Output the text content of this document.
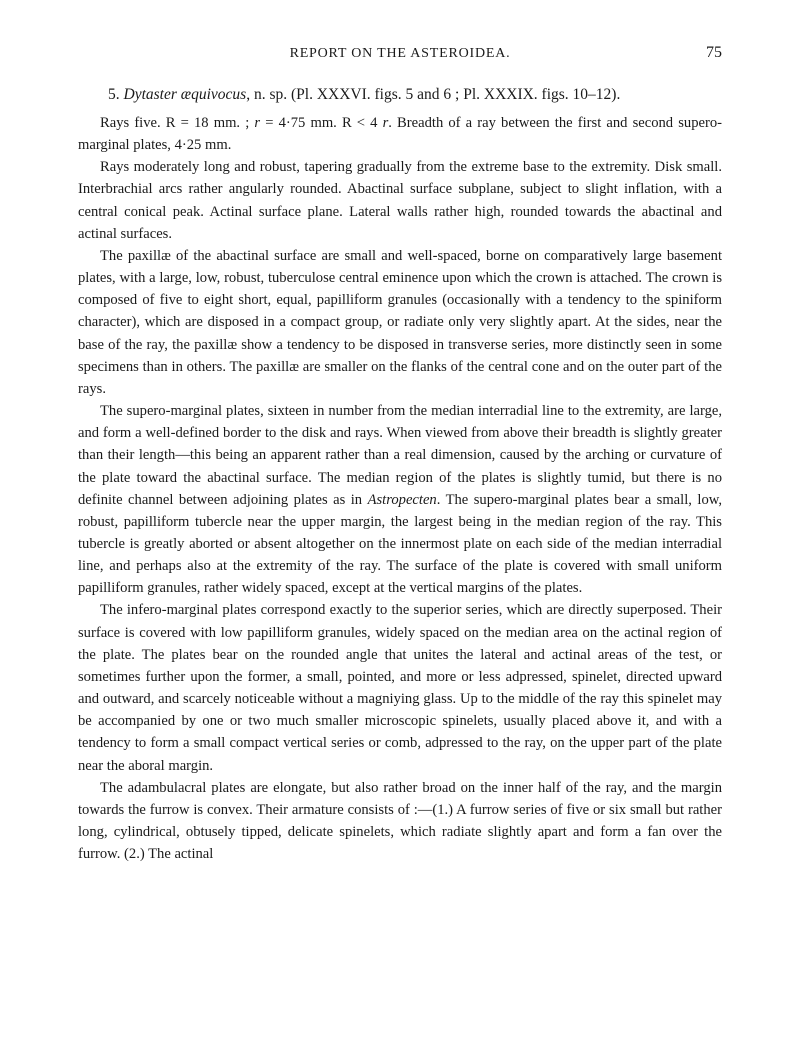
REPORT ON THE ASTEROIDEA.	75
5. Dytaster æquivocus, n. sp. (Pl. XXXVI. figs. 5 and 6 ; Pl. XXXIX. figs. 10–12).

Rays five. R = 18 mm. ; r = 4·75 mm. R < 4 r. Breadth of a ray between the first and second supero-marginal plates, 4·25 mm.

Rays moderately long and robust, tapering gradually from the extreme base to the extremity. Disk small. Interbrachial arcs rather angularly rounded. Abactinal surface subplane, subject to slight inflation, with a central conical peak. Actinal surface plane. Lateral walls rather high, rounded towards the abactinal and actinal surfaces.

The paxillæ of the abactinal surface are small and well-spaced, borne on comparatively large basement plates, with a large, low, robust, tuberculose central eminence upon which the crown is attached. The crown is composed of five to eight short, equal, papilliform granules (occasionally with a tendency to the spiniform character), which are disposed in a compact group, or radiate only very slightly apart. At the sides, near the base of the ray, the paxillæ show a tendency to be disposed in transverse series, more distinctly seen in some specimens than in others. The paxillæ are smaller on the flanks of the central cone and on the outer part of the rays.

The supero-marginal plates, sixteen in number from the median interradial line to the extremity, are large, and form a well-defined border to the disk and rays. When viewed from above their breadth is slightly greater than their length—this being an apparent rather than a real dimension, caused by the arching or curvature of the plate toward the abactinal surface. The median region of the plates is slightly tumid, but there is no definite channel between adjoining plates as in Astropecten. The supero-marginal plates bear a small, low, robust, papilliform tubercle near the upper margin, the largest being in the median region of the ray. This tubercle is greatly aborted or absent altogether on the innermost plate on each side of the median interradial line, and perhaps also at the extremity of the ray. The surface of the plate is covered with small uniform papilliform granules, rather widely spaced, except at the vertical margins of the plates.

The infero-marginal plates correspond exactly to the superior series, which are directly superposed. Their surface is covered with low papilliform granules, widely spaced on the median area on the actinal region of the plate. The plates bear on the rounded angle that unites the lateral and actinal areas of the test, or sometimes further upon the former, a small, pointed, and more or less adpressed, spinelet, directed upward and outward, and scarcely noticeable without a magniying glass. Up to the middle of the ray this spinelet may be accompanied by one or two much smaller microscopic spinelets, usually placed above it, and with a tendency to form a small compact vertical series or comb, adpressed to the ray, on the upper part of the plate near the aboral margin.

The adambulacral plates are elongate, but also rather broad on the inner half of the ray, and the margin towards the furrow is convex. Their armature consists of :—(1.) A furrow series of five or six small but rather long, cylindrical, obtusely tipped, delicate spinelets, which radiate slightly apart and form a fan over the furrow. (2.) The actinal
